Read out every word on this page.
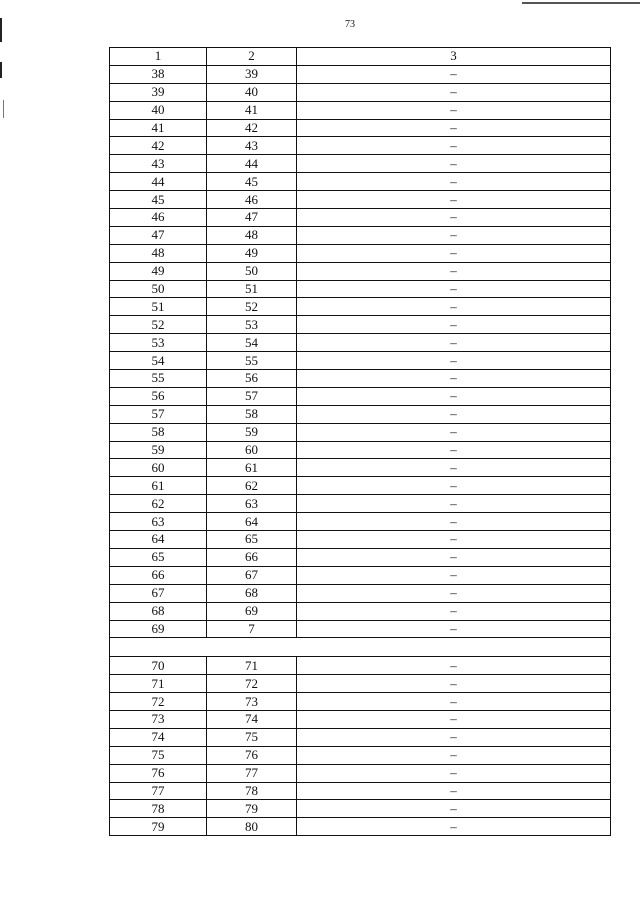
73
1	2	3
38	39	–
39	40	–
40	41	–
41	42	–
42	43	–
43	44	–
44	45	–
45	46	–
46	47	–
47	48	–
48	49	–
49	50	–
50	51	–
51	52	–
52	53	–
53	54	–
54	55	–
55	56	–
56	57	–
57	58	–
58	59	–
59	60	–
60	61	–
61	62	–
62	63	–
63	64	–
64	65	–
65	66	–
66	67	–
67	68	–
68	69	–
69	7	–

70	71	–
71	72	–
72	73	–
73	74	–
74	75	–
75	76	–
76	77	–
77	78	–
78	79	–
79	80	–
